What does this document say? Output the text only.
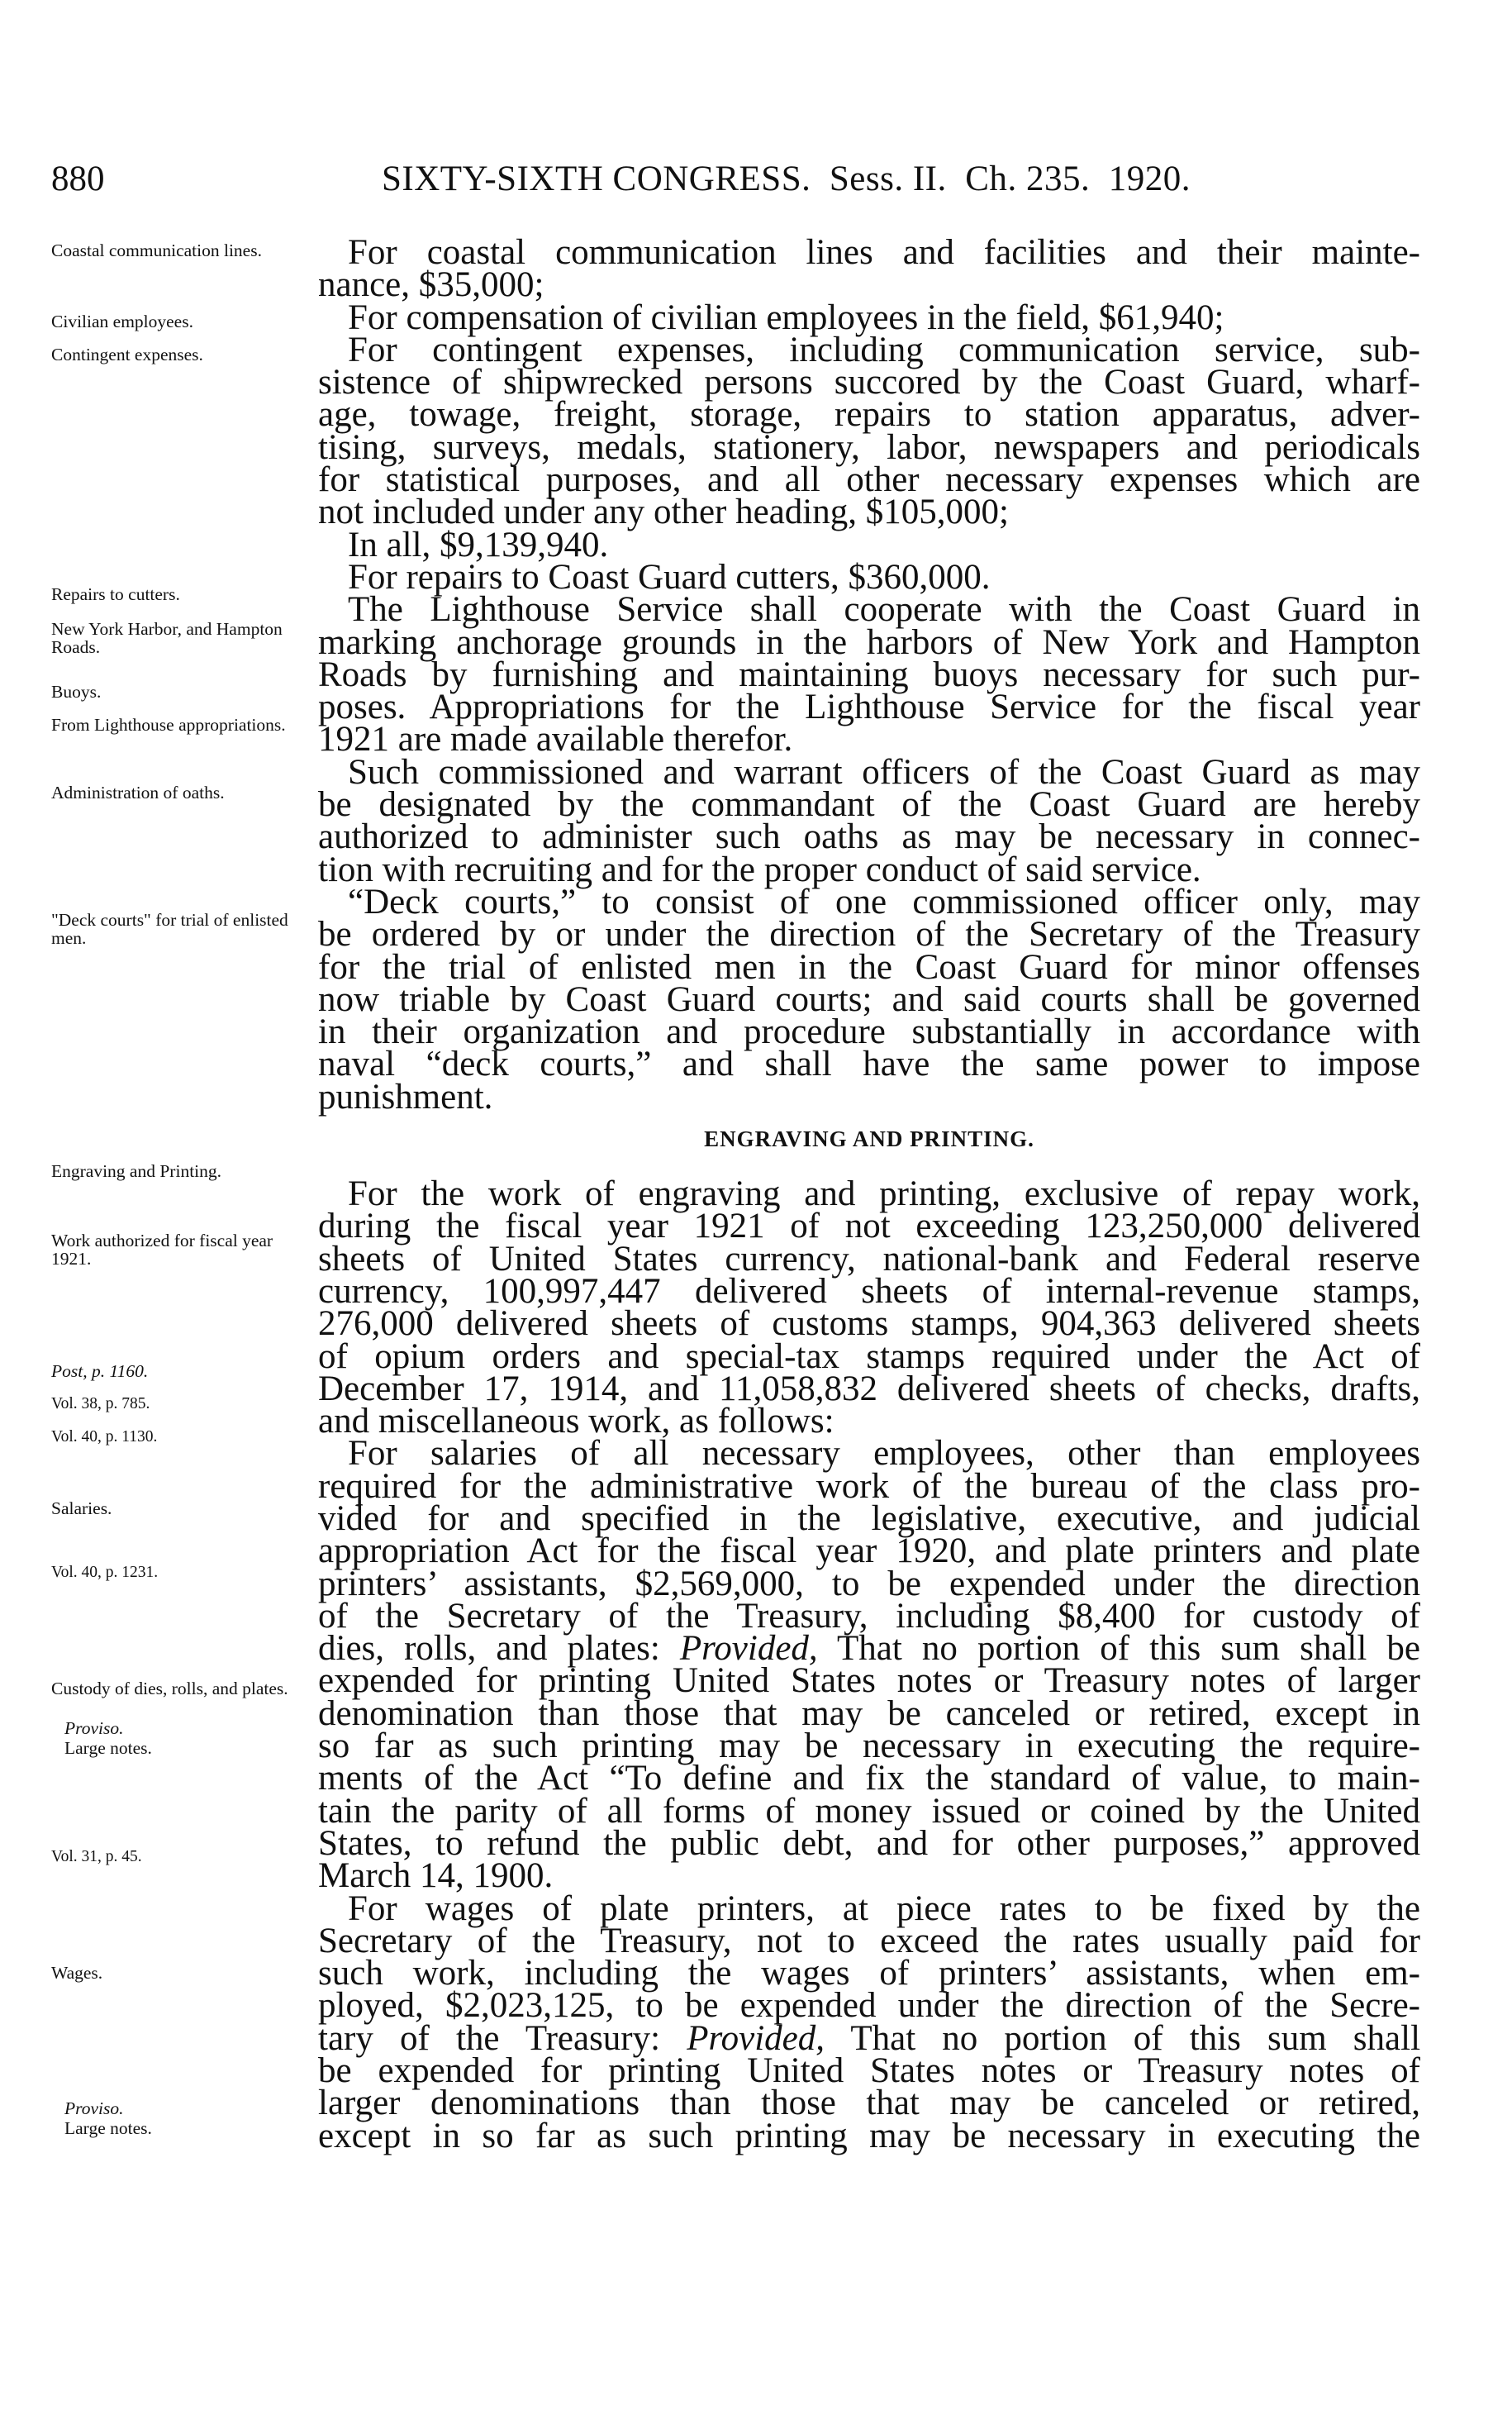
880	SIXTY-SIXTH CONGRESS. Sess. II. Ch. 235. 1920.
Coastal communication lines.
Civilian employees.
Contingent expenses.
Repairs to cutters.
New York Harbor, and Hampton Roads.
Buoys.
From Lighthouse appropriations.
Administration of oaths.
"Deck courts" for trial of enlisted men.
Engraving and Printing.
Work authorized for fiscal year 1921.
Post, p. 1160.
Vol. 38, p. 785.
Vol. 40, p. 1130.
Salaries.
Vol. 40, p. 1231.
Custody of dies, rolls, and plates.
Proviso.
Large notes.
Vol. 31, p. 45.
Wages.
Proviso.
Large notes.
For coastal communication lines and facilities and their mainte-
nance, $35,000;
For compensation of civilian employees in the field, $61,940;
For contingent expenses, including communication service, sub-
sistence of shipwrecked persons succored by the Coast Guard, wharf-
age, towage, freight, storage, repairs to station apparatus, adver-
tising, surveys, medals, stationery, labor, newspapers and periodicals
for statistical purposes, and all other necessary expenses which are
not included under any other heading, $105,000;
In all, $9,139,940.
For repairs to Coast Guard cutters, $360,000.
The Lighthouse Service shall cooperate with the Coast Guard in
marking anchorage grounds in the harbors of New York and Hampton
Roads by furnishing and maintaining buoys necessary for such pur-
poses. Appropriations for the Lighthouse Service for the fiscal year
1921 are made available therefor.
Such commissioned and warrant officers of the Coast Guard as may
be designated by the commandant of the Coast Guard are hereby
authorized to administer such oaths as may be necessary in connec-
tion with recruiting and for the proper conduct of said service.
“Deck courts,” to consist of one commissioned officer only, may
be ordered by or under the direction of the Secretary of the Treasury
for the trial of enlisted men in the Coast Guard for minor offenses
now triable by Coast Guard courts; and said courts shall be governed
in their organization and procedure substantially in accordance with
naval “deck courts,” and shall have the same power to impose
punishment.
ENGRAVING AND PRINTING.
For the work of engraving and printing, exclusive of repay work,
during the fiscal year 1921 of not exceeding 123,250,000 delivered
sheets of United States currency, national-bank and Federal reserve
currency, 100,997,447 delivered sheets of internal-revenue stamps,
276,000 delivered sheets of customs stamps, 904,363 delivered sheets
of opium orders and special-tax stamps required under the Act of
December 17, 1914, and 11,058,832 delivered sheets of checks, drafts,
and miscellaneous work, as follows:
For salaries of all necessary employees, other than employees
required for the administrative work of the bureau of the class pro-
vided for and specified in the legislative, executive, and judicial
appropriation Act for the fiscal year 1920, and plate printers and plate
printers’ assistants, $2,569,000, to be expended under the direction
of the Secretary of the Treasury, including $8,400 for custody of
dies, rolls, and plates: Provided, That no portion of this sum shall be
expended for printing United States notes or Treasury notes of larger
denomination than those that may be canceled or retired, except in
so far as such printing may be necessary in executing the require-
ments of the Act “To define and fix the standard of value, to main-
tain the parity of all forms of money issued or coined by the United
States, to refund the public debt, and for other purposes,” approved
March 14, 1900.
For wages of plate printers, at piece rates to be fixed by the
Secretary of the Treasury, not to exceed the rates usually paid for
such work, including the wages of printers’ assistants, when em-
ployed, $2,023,125, to be expended under the direction of the Secre-
tary of the Treasury: Provided, That no portion of this sum shall
be expended for printing United States notes or Treasury notes of
larger denominations than those that may be canceled or retired,
except in so far as such printing may be necessary in executing the
